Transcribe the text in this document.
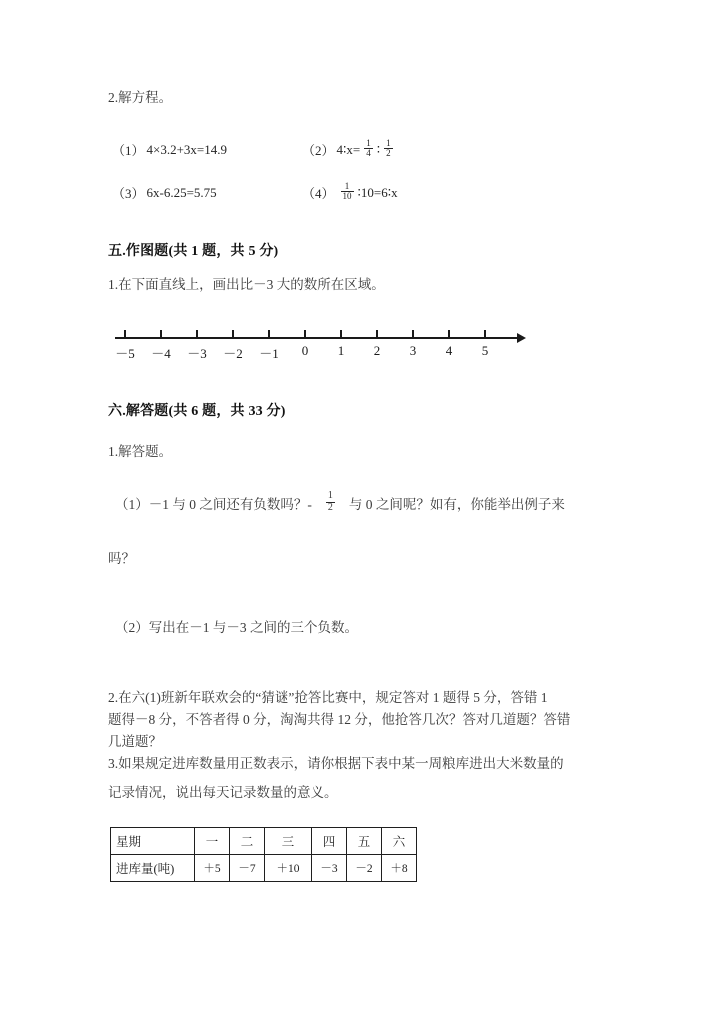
2.解方程。
（1） 4×3.2+3x=14.9	（2） 4∶x= $\frac{1}{4}$ ∶ $\frac{1}{2}$
（3） 6x-6.25=5.75	$(4) \frac{1}{10}$ ∶10=6∶x
五.作图题(共 1 题，共 5 分)
1.在下面直线上，画出比－3 大的数所在区域。
－5 －4 －3 －2 －1 0 1 2 3 4 5
六.解答题(共 6 题，共 33 分)
1.解答题。
（1）－1 与 0 之间还有负数吗？- $\frac{1}{2}$ 与 0 之间呢？如有，你能举出例子来
吗？
（2）写出在－1 与－3 之间的三个负数。
2.在六(1)班新年联欢会的“猜谜”抢答比赛中，规定答对 1 题得 5 分，答错 1
题得－8 分，不答者得 0 分，淘淘共得 12 分，他抢答几次？答对几道题？答错
几道题？
3.如果规定进库数量用正数表示，请你根据下表中某一周粮库进出大米数量的
记录情况，说出每天记录数量的意义。
星期	一	二	三	四	五	六
进库量(吨)	＋5	－7	＋10	－3	－2	＋8
